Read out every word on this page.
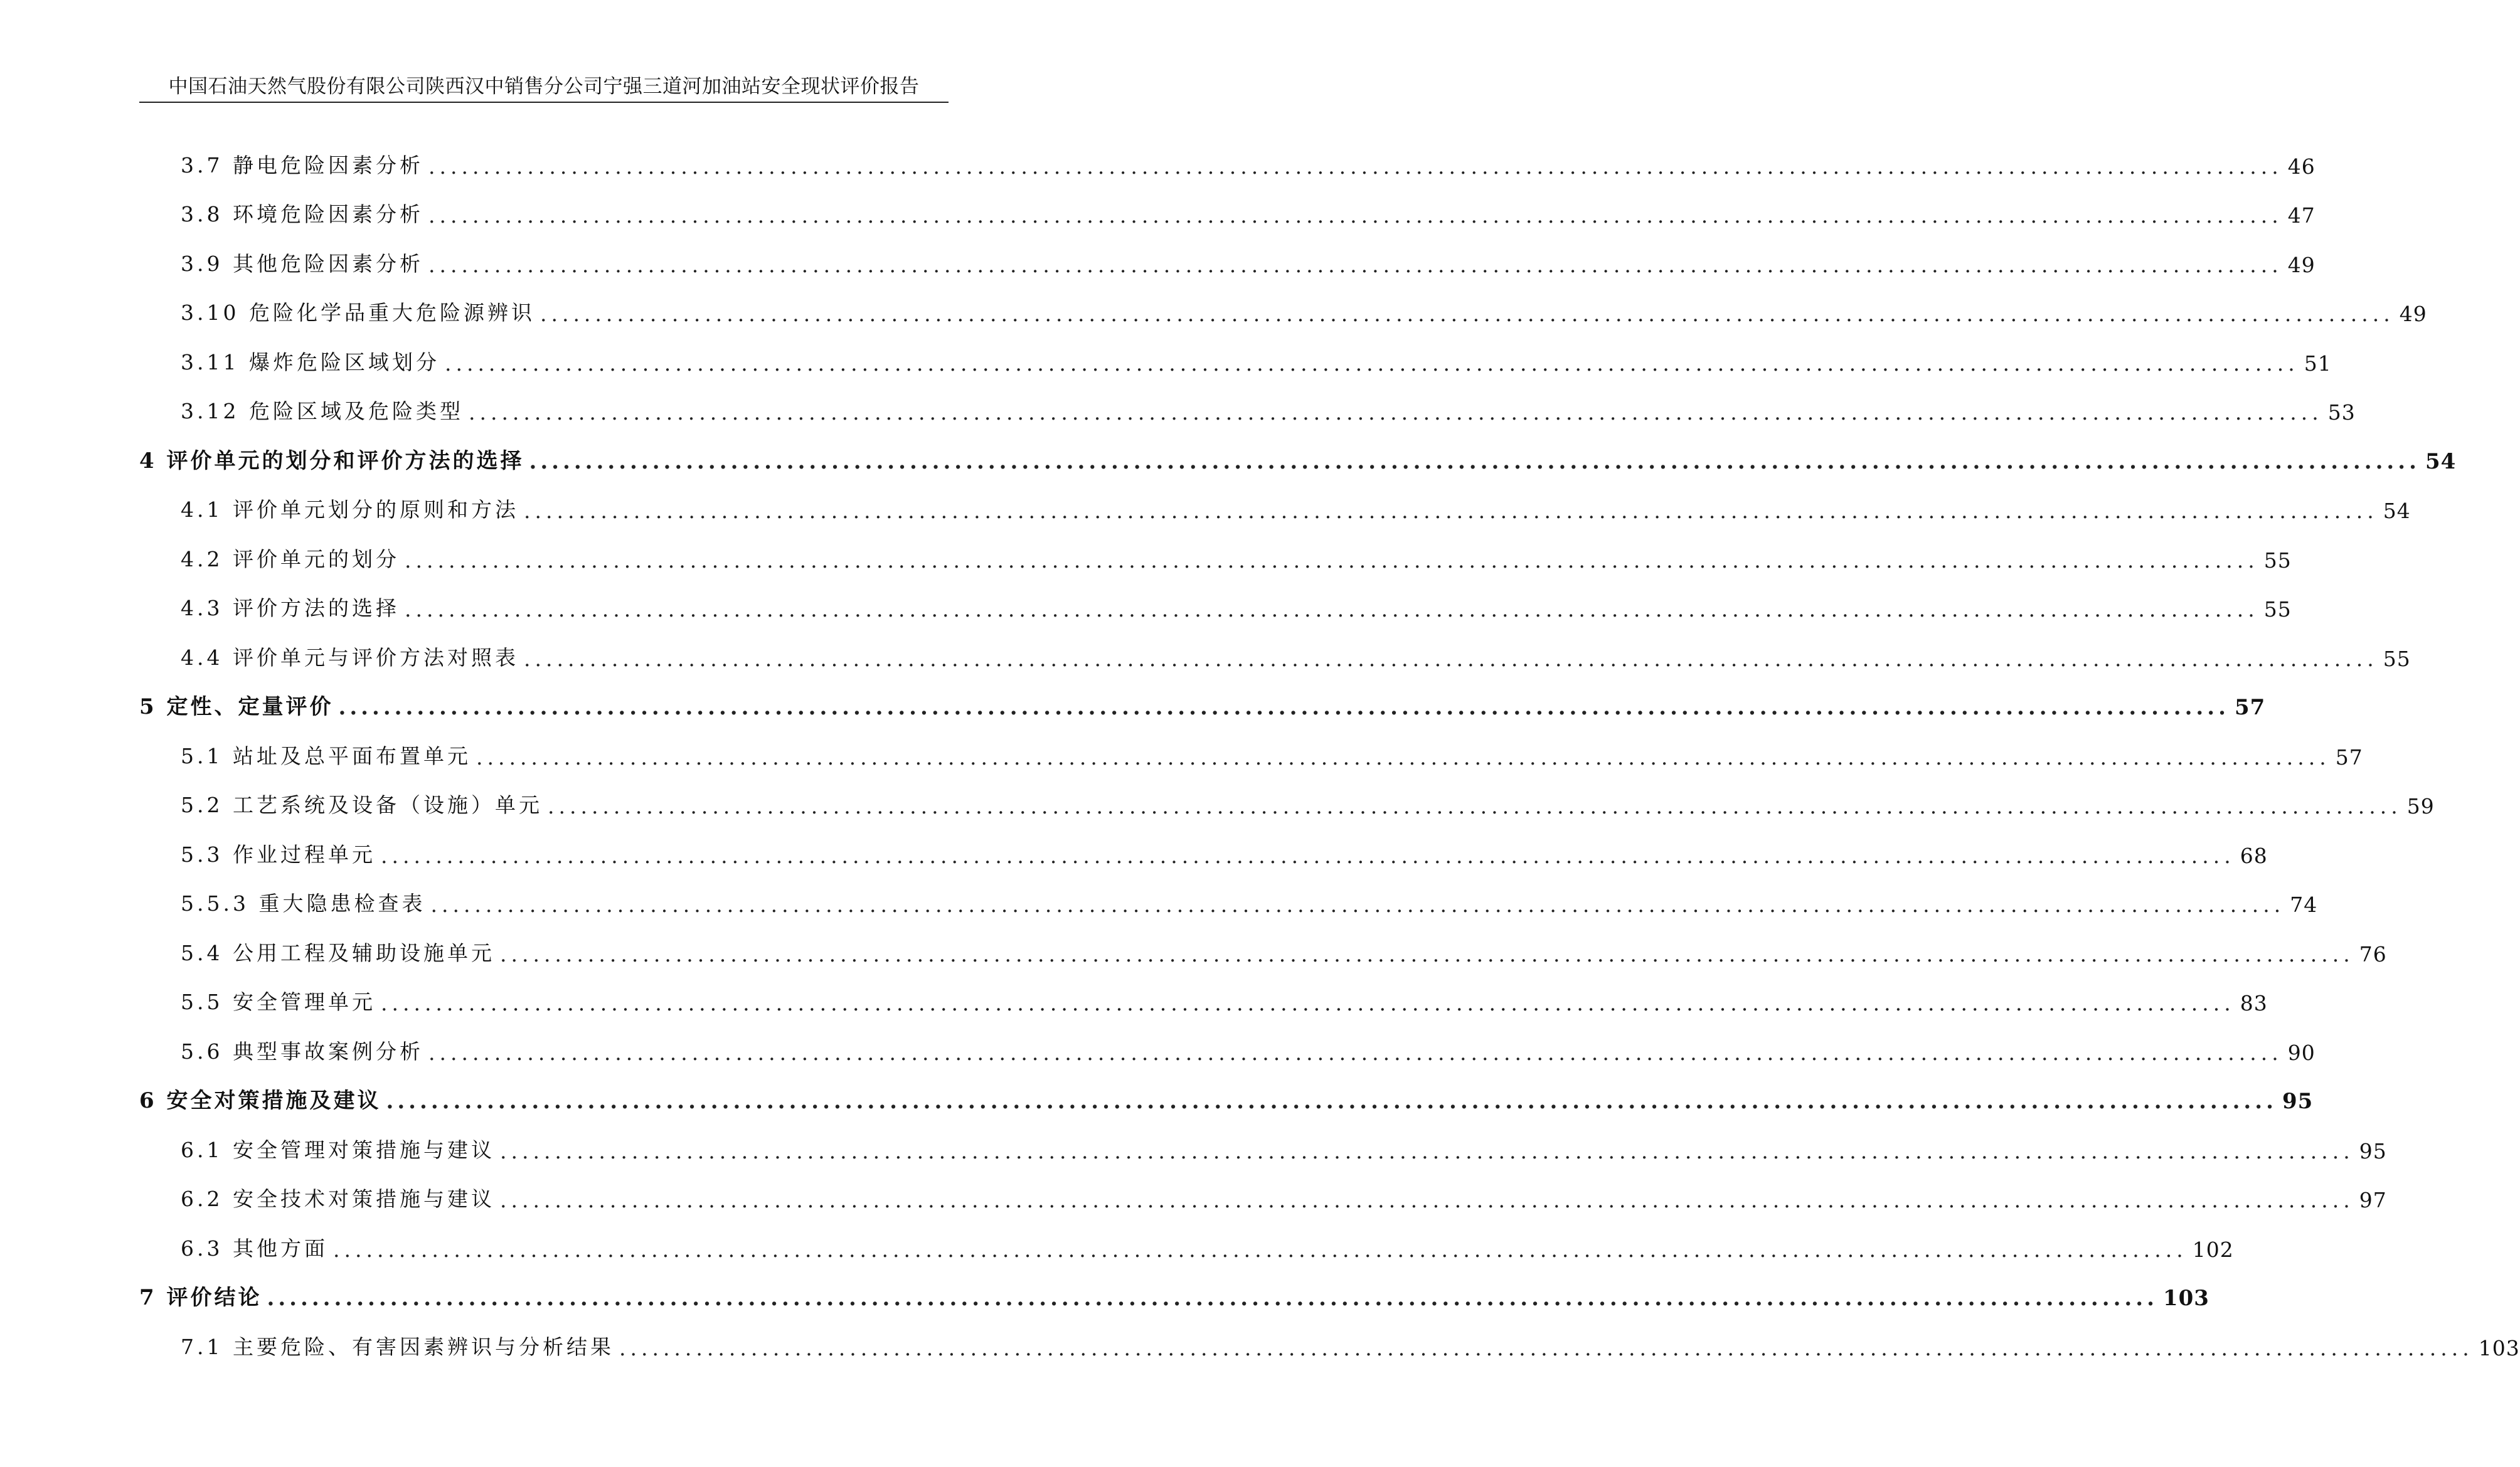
中国石油天然气股份有限公司陕西汉中销售分公司宁强三道河加油站安全现状评价报告
3.7 静电危险因素分析 ......................................................................................................................................................................... 46
3.8 环境危险因素分析 ......................................................................................................................................................................... 47
3.9 其他危险因素分析 ......................................................................................................................................................................... 49
3.10 危险化学品重大危险源辨识 ......................................................................................................................................................................... 49
3.11 爆炸危险区域划分 ......................................................................................................................................................................... 51
3.12 危险区域及危险类型 ......................................................................................................................................................................... 53
4 评价单元的划分和评价方法的选择 ......................................................................................................................................................................... 54
4.1 评价单元划分的原则和方法 ......................................................................................................................................................................... 54
4.2 评价单元的划分 ......................................................................................................................................................................... 55
4.3 评价方法的选择 ......................................................................................................................................................................... 55
4.4 评价单元与评价方法对照表 ......................................................................................................................................................................... 55
5 定性、定量评价 ......................................................................................................................................................................... 57
5.1 站址及总平面布置单元 ......................................................................................................................................................................... 57
5.2 工艺系统及设备（设施）单元 ......................................................................................................................................................................... 59
5.3 作业过程单元 ......................................................................................................................................................................... 68
5.5.3 重大隐患检查表 ......................................................................................................................................................................... 74
5.4 公用工程及辅助设施单元 ......................................................................................................................................................................... 76
5.5 安全管理单元 ......................................................................................................................................................................... 83
5.6 典型事故案例分析 ......................................................................................................................................................................... 90
6 安全对策措施及建议 ......................................................................................................................................................................... 95
6.1 安全管理对策措施与建议 ......................................................................................................................................................................... 95
6.2 安全技术对策措施与建议 ......................................................................................................................................................................... 97
6.3 其他方面 ......................................................................................................................................................................... 102
7 评价结论 ......................................................................................................................................................................... 103
7.1 主要危险、有害因素辨识与分析结果 ......................................................................................................................................................................... 103
